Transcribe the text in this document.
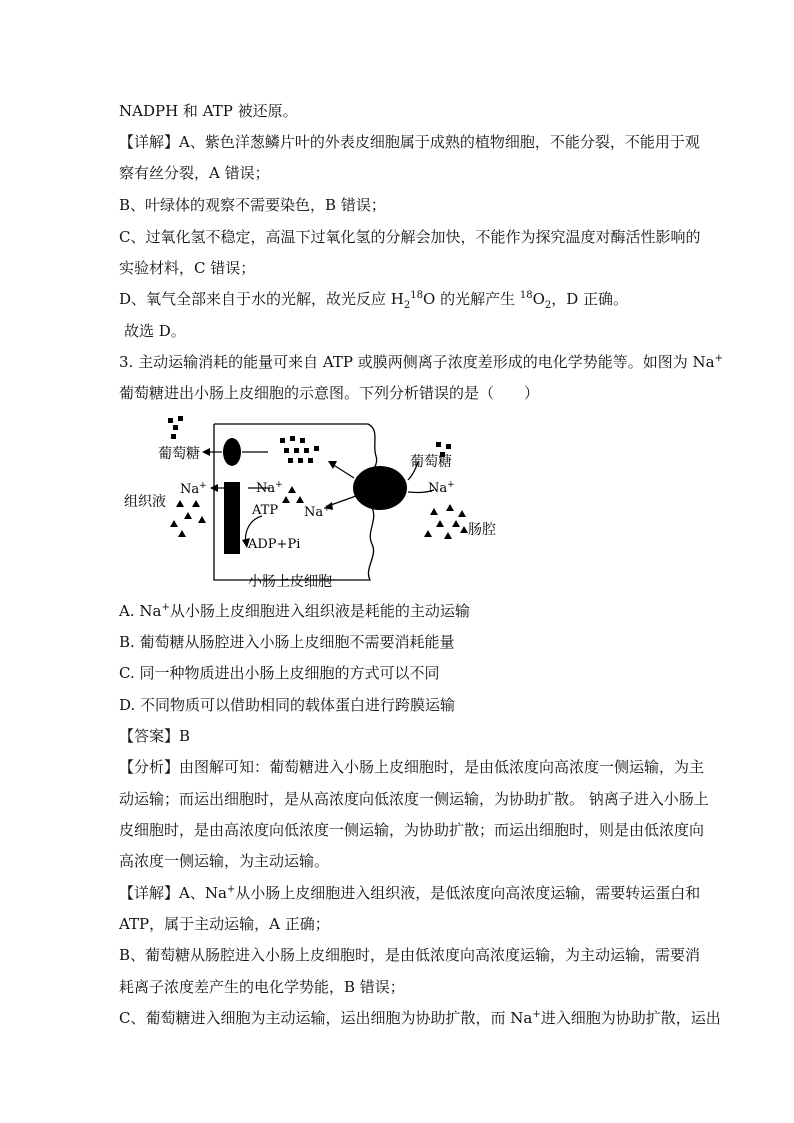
NADPH 和 ATP 被还原。
【详解】A、紫色洋葱鳞片叶的外表皮细胞属于成熟的植物细胞，不能分裂，不能用于观
察有丝分裂，A 错误；
B、叶绿体的观察不需要染色，B 错误；
C、过氧化氢不稳定，高温下过氧化氢的分解会加快，不能作为探究温度对酶活性影响的
实验材料，C 错误；
D、氧气全部来自于水的光解，故光反应 $H_2^{18}O$ 的光解产生 $^{18}O_2$，D 正确。
故选 D。
3. 主动运输消耗的能量可来自 ATP 或膜两侧离子浓度差形成的电化学势能等。如图为 Na+
葡萄糖进出小肠上皮细胞的示意图。下列分析错误的是（　　）
葡萄糖
组织液
Na+	Na+
ATP
ADP+Pi
Na+
葡萄糖
Na+
肠腔
小肠上皮细胞
A. Na+从小肠上皮细胞进入组织液是耗能的主动运输
B. 葡萄糖从肠腔进入小肠上皮细胞不需要消耗能量
C. 同一种物质进出小肠上皮细胞的方式可以不同
D. 不同物质可以借助相同的载体蛋白进行跨膜运输
【答案】B
【分析】由图解可知：葡萄糖进入小肠上皮细胞时，是由低浓度向高浓度一侧运输，为主
动运输；而运出细胞时，是从高浓度向低浓度一侧运输，为协助扩散。 钠离子进入小肠上
皮细胞时，是由高浓度向低浓度一侧运输，为协助扩散；而运出细胞时，则是由低浓度向
高浓度一侧运输，为主动运输。
【详解】A、Na+从小肠上皮细胞进入组织液，是低浓度向高浓度运输，需要转运蛋白和
ATP，属于主动运输，A 正确；
B、葡萄糖从肠腔进入小肠上皮细胞时，是由低浓度向高浓度运输，为主动运输，需要消
耗离子浓度差产生的电化学势能，B 错误；
C、葡萄糖进入细胞为主动运输，运出细胞为协助扩散，而 Na+进入细胞为协助扩散，运出
